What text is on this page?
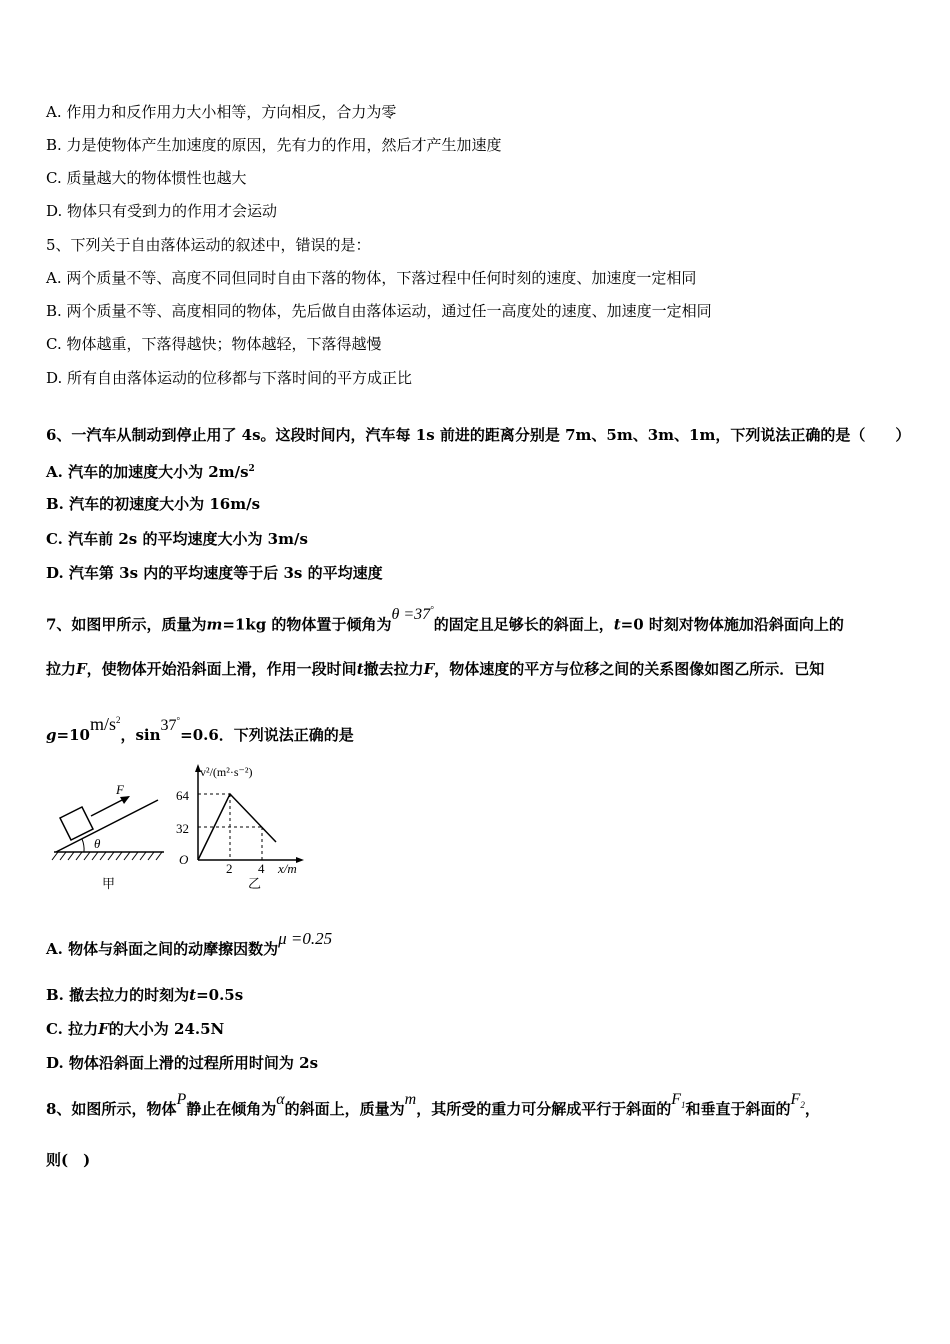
A. 作用力和反作用力大小相等，方向相反，合力为零
B. 力是使物体产生加速度的原因，先有力的作用，然后才产生加速度
C. 质量越大的物体惯性也越大
D. 物体只有受到力的作用才会运动
5、下列关于自由落体运动的叙述中，错误的是：
A. 两个质量不等、高度不同但同时自由下落的物体，下落过程中任何时刻的速度、加速度一定相同
B. 两个质量不等、高度相同的物体，先后做自由落体运动，通过任一高度处的速度、加速度一定相同
C. 物体越重，下落得越快；物体越轻，下落得越慢
D. 所有自由落体运动的位移都与下落时间的平方成正比
6、一汽车从制动到停止用了 4s。这段时间内，汽车每 1s 前进的距离分别是 7m、5m、3m、1m，下列说法正确的是（　　）
A. 汽车的加速度大小为 $2m/s^2$
B. 汽车的初速度大小为 16m/s
C. 汽车前 2s 的平均速度大小为 3m/s
D. 汽车第 3s 内的平均速度等于后 3s 的平均速度
7、如图甲所示，质量为m=1kg 的物体置于倾角为θ =37°的固定且足够长的斜面上，t=0 时刻对物体施加沿斜面向上的
拉力F，使物体开始沿斜面上滑，作用一段时间t撤去拉力F，物体速度的平方与位移之间的关系图像如图乙所示．已知
$g=10m/s^2$，sin37°=0.6．下列说法正确的是
F
θ
甲
v²/(m²·s⁻²)
x/m
O
64
32
2 4
乙
A. 物体与斜面之间的动摩擦因数为μ =0.25
B. 撤去拉力的时刻为t=0.5s
C. 拉力F的大小为 24.5N
D. 物体沿斜面上滑的过程所用时间为 2s
8、如图所示，物体P静止在倾角为α的斜面上，质量为m，其所受的重力可分解成平行于斜面的$F_1$和垂直于斜面的$F_2$，
则(　)
